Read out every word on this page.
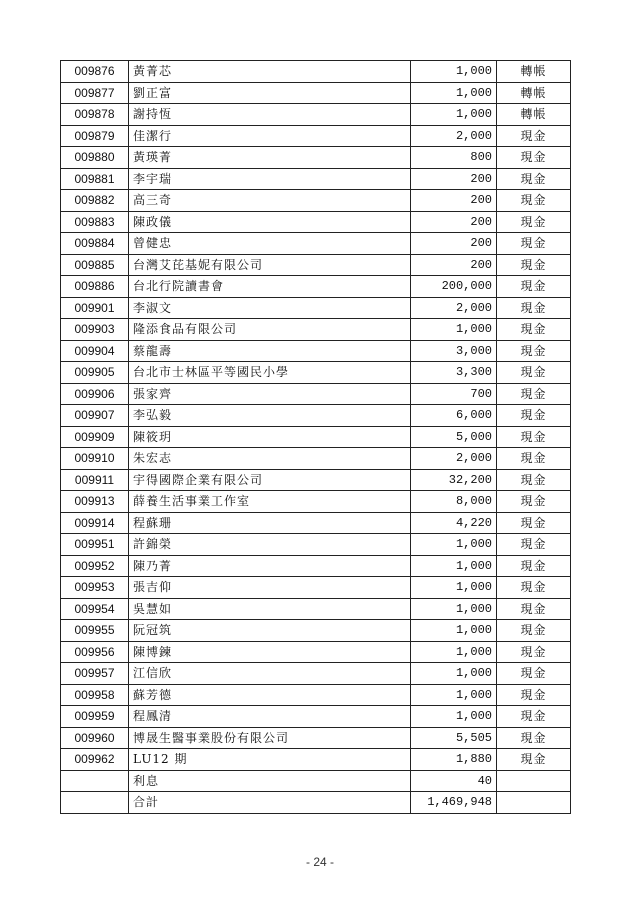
009876	黃菁芯	1,000	轉帳
009877	劉正富	1,000	轉帳
009878	謝持恆	1,000	轉帳
009879	佳潔行	2,000	現金
009880	黃瑛菁	800	現金
009881	李宇瑞	200	現金
009882	高三奇	200	現金
009883	陳政儀	200	現金
009884	曾健忠	200	現金
009885	台灣艾芘基妮有限公司	200	現金
009886	台北行院讀書會	200,000	現金
009901	李淑文	2,000	現金
009903	隆添食品有限公司	1,000	現金
009904	蔡龍壽	3,000	現金
009905	台北市士林區平等國民小學	3,300	現金
009906	張家齊	700	現金
009907	李弘毅	6,000	現金
009909	陳筱玥	5,000	現金
009910	朱宏志	2,000	現金
009911	宇得國際企業有限公司	32,200	現金
009913	薛養生活事業工作室	8,000	現金
009914	程蘇珊	4,220	現金
009951	許錦榮	1,000	現金
009952	陳乃菁	1,000	現金
009953	張吉仰	1,000	現金
009954	吳慧如	1,000	現金
009955	阮冠筑	1,000	現金
009956	陳博鍊	1,000	現金
009957	江信欣	1,000	現金
009958	蘇芳德	1,000	現金
009959	程鳳清	1,000	現金
009960	博晟生醫事業股份有限公司	5,505	現金
009962	LU12 期	1,880	現金
	利息	40	
	合計	1,469,948	
- 24 -
